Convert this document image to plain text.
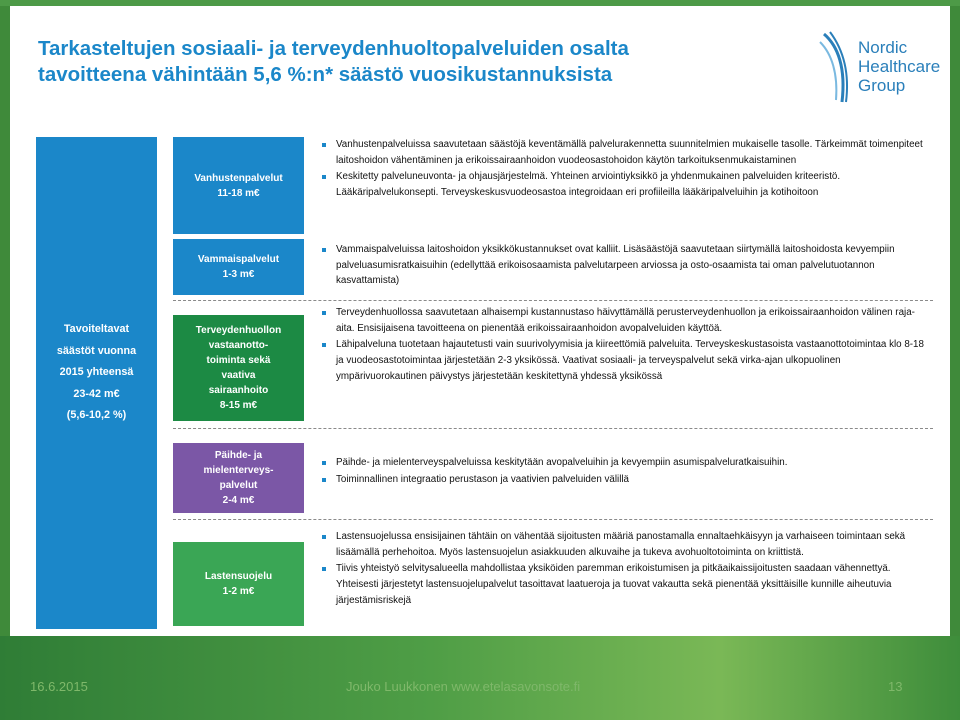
Tarkasteltujen sosiaali- ja terveydenhuoltopalveluiden osalta
tavoitteena vähintään 5,6 %:n* säästö vuosikustannuksista
Nordic
Healthcare
Group
Tavoiteltavat
säästöt vuonna
2015 yhteensä
23-42 m€
(5,6-10,2 %)
Vanhustenpalvelut
11-18 m€
Vammaispalvelut
1-3 m€
Terveydenhuollon
vastaanotto-
toiminta sekä
vaativa
sairaanhoito
8-15 m€
Päihde- ja
mielenterveys-
palvelut
2-4 m€
Lastensuojelu
1-2 m€
Vanhustenpalveluissa saavutetaan säästöjä keventämällä palvelurakennetta suunnitelmien mukaiselle tasolle. Tärkeimmät toimenpiteet laitoshoidon vähentäminen ja erikoissairaanhoidon vuodeosastohoidon käytön tarkoituksenmukaistaminen
Keskitetty palveluneuvonta- ja ohjausjärjestelmä. Yhteinen arviointiyksikkö ja yhdenmukainen palveluiden kriteeristö. Lääkäripalvelukonsepti. Terveyskeskusvuodeosastoa integroidaan eri profiileilla lääkäripalveluihin ja kotihoitoon
Vammaispalveluissa laitoshoidon yksikkökustannukset ovat kalliit. Lisäsäästöjä saavutetaan siirtymällä laitoshoidosta kevyempiin palveluasumisratkaisuihin (edellyttää erikoisosaamista palvelutarpeen arviossa ja osto-osaamista tai oman palvelutuotannon kasvattamista)
Terveydenhuollossa saavutetaan alhaisempi kustannustaso häivyttämällä perusterveydenhuollon ja erikoissairaanhoidon välinen raja-aita. Ensisijaisena tavoitteena on pienentää erikoissairaanhoidon avopalveluiden käyttöä.
Lähipalveluna tuotetaan hajautetusti vain suurivolyymisia ja kiireettömiä palveluita. Terveyskeskustasoista vastaanottotoimintaa klo 8-18 ja vuodeosastotoimintaa järjestetään 2-3 yksikössä. Vaativat sosiaali- ja terveyspalvelut sekä virka-ajan ulkopuolinen ympärivuorokautinen päivystys järjestetään keskitettynä yhdessä yksikössä
Päihde- ja mielenterveyspalveluissa keskitytään avopalveluihin ja kevyempiin asumispalveluratkaisuihin.
Toiminnallinen integraatio perustason ja vaativien palveluiden välillä
Lastensuojelussa ensisijainen tähtäin on vähentää sijoitusten määriä panostamalla ennaltaehkäisyyn ja varhaiseen toimintaan sekä lisäämällä perhehoitoa. Myös lastensuojelun asiakkuuden alkuvaihe ja tukeva avohuoltotoiminta on kriittistä.
Tiivis yhteistyö selvitysalueella mahdollistaa yksiköiden paremman erikoistumisen ja pitkäaikaissijoitusten saadaan vähennettyä. Yhteisesti järjestetyt lastensuojelupalvelut tasoittavat laatueroja ja tuovat vakautta sekä pienentää yksittäisille kunnille aiheutuvia järjestämisriskejä
16.6.2015	Jouko Luukkonen www.etelasavonsote.fi	13
